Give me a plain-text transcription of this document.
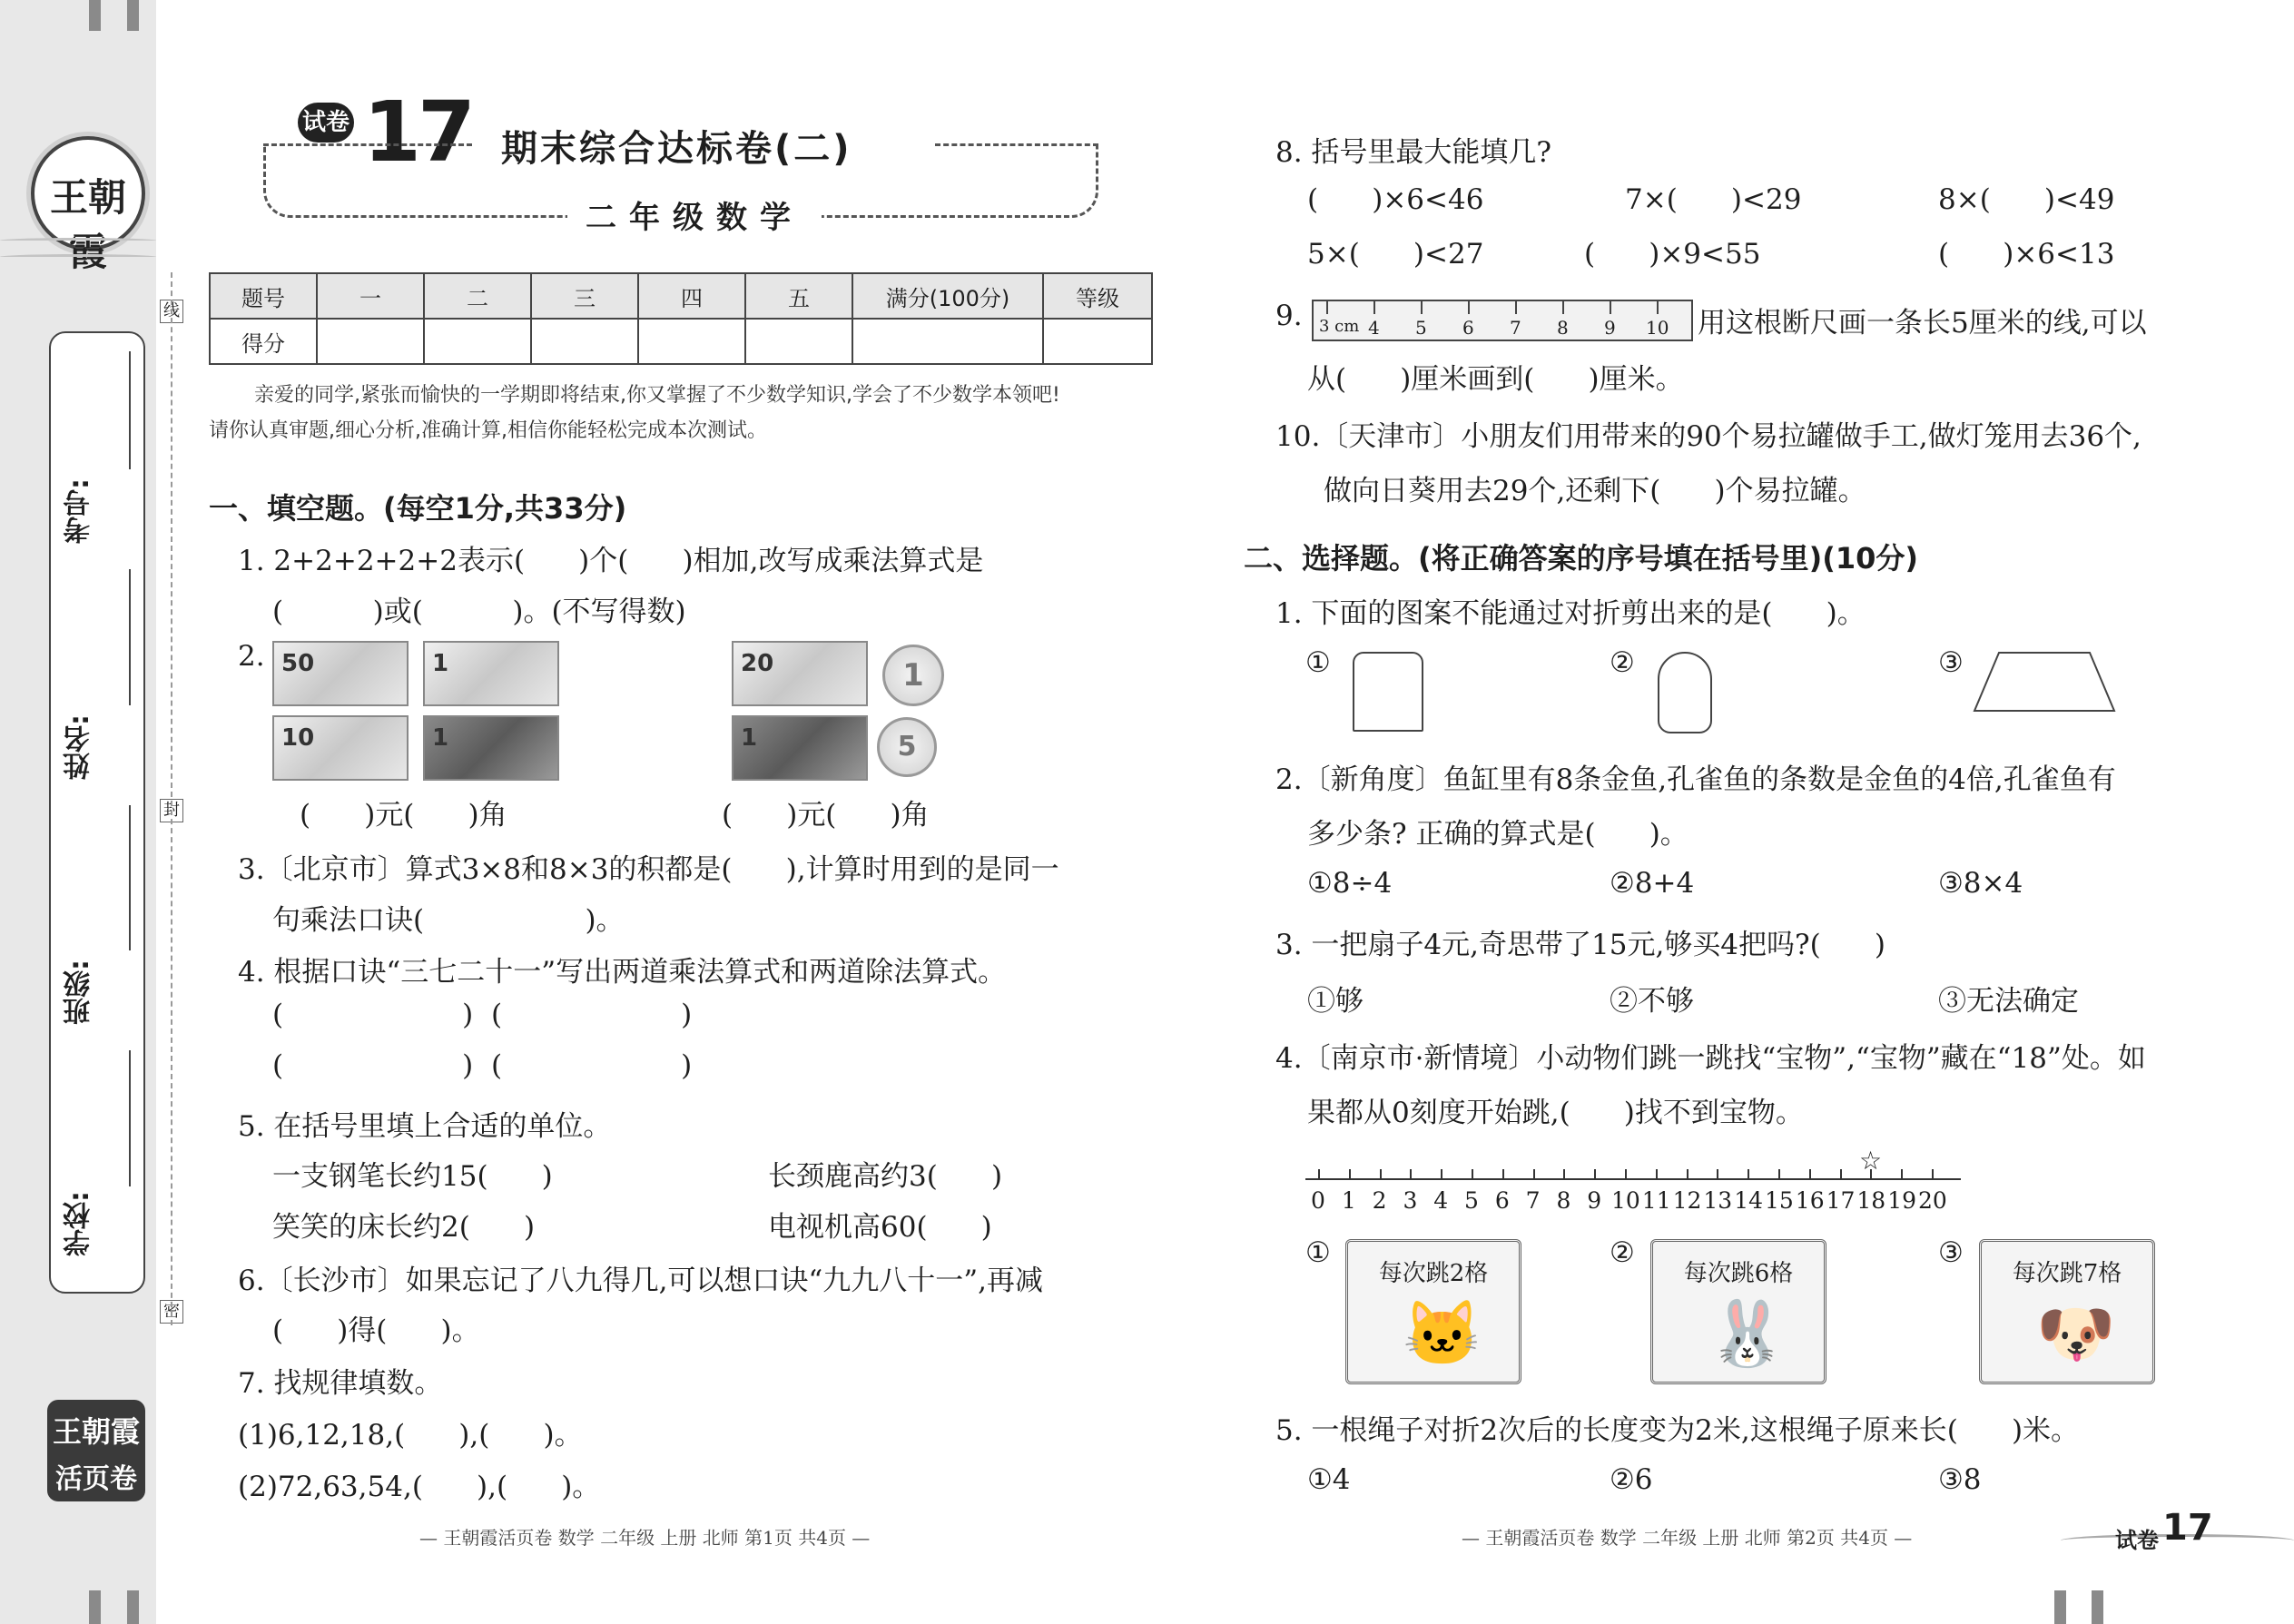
王朝霞
考号:
姓名:
班级:
学校:
线
封
密
王朝霞
活页卷
试卷 17 期末综合达标卷(二)
二年级数学
题号	一	二	三	四	五	满分(100分)	等级
得分							
亲爱的同学,紧张而愉快的一学期即将结束,你又掌握了不少数学知识,学会了不少数学本领吧!
请你认真审题,细心分析,准确计算,相信你能轻松完成本次测试。
一、填空题。(每空1分,共33分)
1. 2+2+2+2+2表示(      )个(      )相加,改写成乘法算式是
(          )或(          )。(不写得数)
2. 50	1
10	1
20
1
1
5
(      )元(      )角	(      )元(      )角
3.〔北京市〕算式3×8和8×3的积都是(      ),计算时用到的是同一
句乘法口诀(                  )。
4. 根据口诀“三七二十一”写出两道乘法算式和两道除法算式。
(                    )  (                    )
(                    )  (                    )
5. 在括号里填上合适的单位。
一支钢笔长约15(      )	长颈鹿高约3(      )
笑笑的床长约2(      )	电视机高60(      )
6.〔长沙市〕如果忘记了八九得几,可以想口诀“九九八十一”,再减
(      )得(      )。
7. 找规律填数。
(1)6,12,18,(      ),(      )。
(2)72,63,54,(      ),(      )。
— 王朝霞活页卷 数学 二年级 上册 北师 第1页 共4页 —
8. 括号里最大能填几?
(      )×6<46	7×(      )<29	8×(      )<49
5×(      )<27	(      )×9<55	(      )×6<13
9. 3 cm 4 5 6 7 8 9 10 用这根断尺画一条长5厘米的线,可以
从(      )厘米画到(      )厘米。
10.〔天津市〕小朋友们用带来的90个易拉罐做手工,做灯笼用去36个,
做向日葵用去29个,还剩下(      )个易拉罐。
二、选择题。(将正确答案的序号填在括号里)(10分)
1. 下面的图案不能通过对折剪出来的是(      )。
①	②	③
2.〔新角度〕鱼缸里有8条金鱼,孔雀鱼的条数是金鱼的4倍,孔雀鱼有
多少条? 正确的算式是(      )。
①8÷4	②8+4	③8×4
3. 一把扇子4元,奇思带了15元,够买4把吗?(      )
①够	②不够	③无法确定
4.〔南京市·新情境〕小动物们跳一跳找“宝物”,“宝物”藏在“18”处。如
果都从0刻度开始跳,(      )找不到宝物。
☆
①
每次跳2格
🐱
②
每次跳6格
🐰
③
每次跳7格
🐶
5. 一根绳子对折2次后的长度变为2米,这根绳子原来长(      )米。
①4	②6	③8
— 王朝霞活页卷 数学 二年级 上册 北师 第2页 共4页 —	试卷 17
0 1 2 3 4 5 6 7 8 9 10 11 12 13 14 15 16 17 18 19 20
